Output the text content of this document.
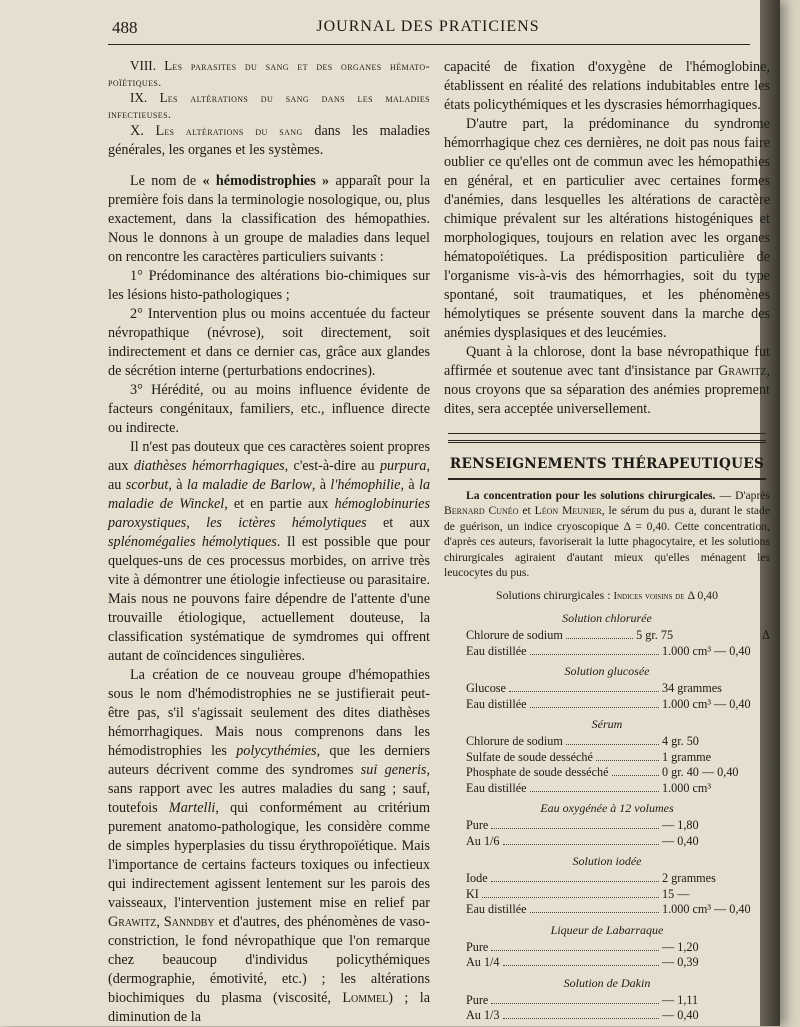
488	JOURNAL DES PRATICIENS

VIII. Les parasites du sang et des organes hémato-poïétiques.

IX. Les altérations du sang dans les maladies infectieuses.

X. Les altérations du sang dans les maladies générales, les organes et les systèmes.

Le nom de « hémodistrophies » apparaît pour la première fois dans la terminologie nosologique, ou, plus exactement, dans la classification des hémopathies. Nous le donnons à un groupe de maladies dans lequel on rencontre les caractères particuliers suivants :

1° Prédominance des altérations bio-chimiques sur les lésions histo-pathologiques ;

2° Intervention plus ou moins accentuée du facteur névropathique (névrose), soit directement, soit indirectement et dans ce dernier cas, grâce aux glandes de sécrétion interne (perturbations endocrines).

3° Hérédité, ou au moins influence évidente de facteurs congénitaux, familiers, etc., influence directe ou indirecte.

Il n'est pas douteux que ces caractères soient propres aux diathèses hémorrhagiques, c'est-à-dire au purpura, au scorbut, à la maladie de Barlow, à l'hémophilie, à la maladie de Winckel, et en partie aux hémoglobinuries paroxystiques, les ictères hémolytiques et aux splénomégalies hémolytiques. Il est possible que pour quelques-uns de ces processus morbides, on arrive très vite à démontrer une étiologie infectieuse ou parasitaire. Mais nous ne pouvons faire dépendre de l'attente d'une trouvaille étiologique, actuellement douteuse, la classification systématique de symdromes qui offrent autant de coïncidences singulières.

La création de ce nouveau groupe d'hémopathies sous le nom d'hémodistrophies ne se justifierait peut-être pas, s'il s'agissait seulement des dites diathèses hémorrhagiques. Mais nous comprenons dans les hémodistrophies les polycythémies, que les derniers auteurs décrivent comme des syndromes sui generis, sans rapport avec les autres maladies du sang ; sauf, toutefois Martelli, qui conformément au critérium purement anatomo-pathologique, les considère comme de simples hyperplasies du tissu érythropoïétique. Mais l'importance de certains facteurs toxiques ou infectieux qui indirectement agissent lentement sur les parois des vaisseaux, l'intervention justement mise en relief par Grawitz, Sanndby et d'autres, des phénomènes de vaso-constriction, le fond névropathique que l'on remarque chez beaucoup d'individus policythémiques (dermographie, émotivité, etc.) ; les altérations biochimiques du plasma (viscosité, Lommel) ; la diminution de la

capacité de fixation d'oxygène de l'hémoglobine, établissent en réalité des relations indubitables entre les états policythémiques et les dyscrasies hémorrhagiques.

D'autre part, la prédominance du syndrome hémorrhagique chez ces dernières, ne doit pas nous faire oublier ce qu'elles ont de commun avec les hémopathies en général, et en particulier avec certaines formes d'anémies, dans lesquelles les altérations de caractère chimique prévalent sur les altérations histogéniques et morphologiques, toujours en relation avec les organes hématopoïétiques. La prédisposition particulière de l'organisme vis-à-vis des hémorrhagies, soit du type spontané, soit traumatiques, et les phénomènes hémolytiques se présente souvent dans la marche des anémies dysplasiques et des leucémies.

Quant à la chlorose, dont la base névropathique fut affirmée et soutenue avec tant d'insistance par Grawitz, nous croyons que sa séparation des anémies proprement dites, sera acceptée universellement.

RENSEIGNEMENTS THÉRAPEUTIQUES

La concentration pour les solutions chirurgicales. — D'après Bernard Cunéo et Léon Meunier, le sérum du pus a, durant le stade de guérison, un indice cryoscopique Δ = 0,40. Cette concentration, d'après ces auteurs, favoriserait la lutte phagocytaire, et les solutions chirurgicales agiraient d'autant mieux qu'elles ménagent les leucocytes du pus.

Solutions chirurgicales : Indices voisins de Δ 0,40
Solution chlorurée
Chlorure de sodium	5 gr. 75	Δ
Eau distillée	1.000 cm³ — 0,40
Solution glucosée
Glucose	34 grammes
Eau distillée	1.000 cm³ — 0,40
Sérum
Chlorure de sodium	4 gr. 50
Sulfate de soude desséché	1 gramme
Phosphate de soude desséché	0 gr. 40 — 0,40
Eau distillée	1.000 cm³
Eau oxygénée à 12 volumes
Pure	— 1,80
Au 1/6	— 0,40
Solution iodée
Iode	2 grammes
KI	15 —
Eau distillée	1.000 cm³ — 0,40
Liqueur de Labarraque
Pure	— 1,20
Au 1/4	— 0,39
Solution de Dakin
Pure	— 1,11
Au 1/3	— 0,40
